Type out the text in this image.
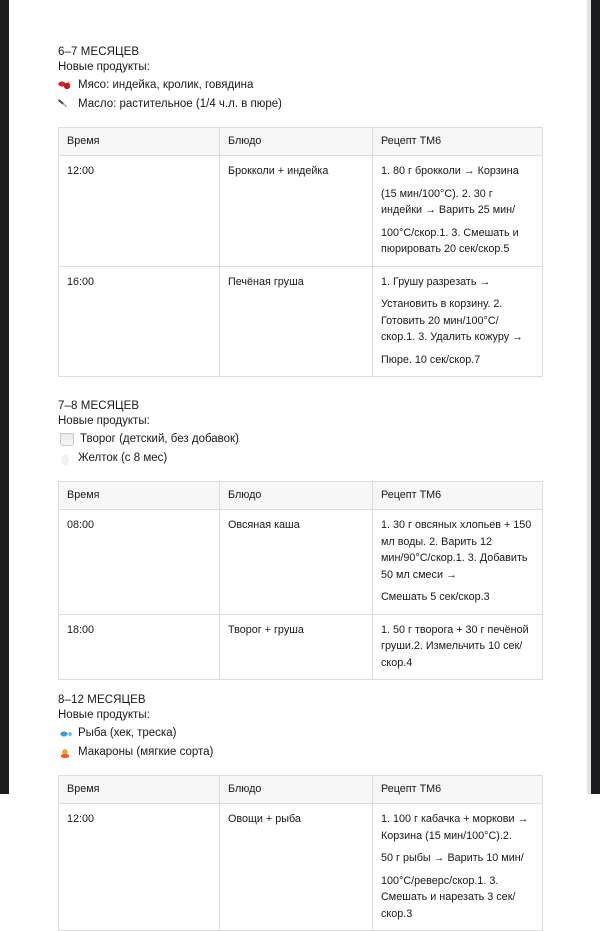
6–7 МЕСЯЦЕВ
Новые продукты:
Мясо: индейка, кролик, говядина
Масло: растительное (1/4 ч.л. в пюре)
Время	Блюдо	Рецепт TM6
12:00	Брокколи + индейка	1. 80 г брокколи → Корзина
(15 мин/100°С). 2. 30 г индейки → Варить 25 мин/
100°С/скор.1. 3. Смешать и пюрировать 20 сек/скор.5

16:00	Печёная груша	1. Грушу разрезать →
Установить в корзину. 2. Готовить 20 мин/100°С/ скор.1. 3. Удалить кожуру →
Пюре. 10 сек/скор.7
7–8 МЕСЯЦЕВ
Новые продукты:
Творог (детский, без добавок)
Желток (с 8 мес)
Время	Блюдо	Рецепт TM6
08:00	Овсяная каша	1. 30 г овсяных хлопьев + 150 мл воды. 2. Варить 12 мин/90°С/скор.1. 3. Добавить 50 мл смеси →
Смешать 5 сек/скор.3

18:00	Творог + груша	1. 50 г творога + 30 г печёной груши.2. Измельчить 10 сек/скор.4
8–12 МЕСЯЦЕВ
Новые продукты:
Рыба (хек, треска)
Макароны (мягкие сорта)
Время	Блюдо	Рецепт TM6
12:00	Овощи + рыба	1. 100 г кабачка + моркови → Корзина (15 мин/100°С).2.
50 г рыбы → Варить 10 мин/
100°С/реверс/скор.1. 3. Смешать и нарезать 3 сек/ скор.3
